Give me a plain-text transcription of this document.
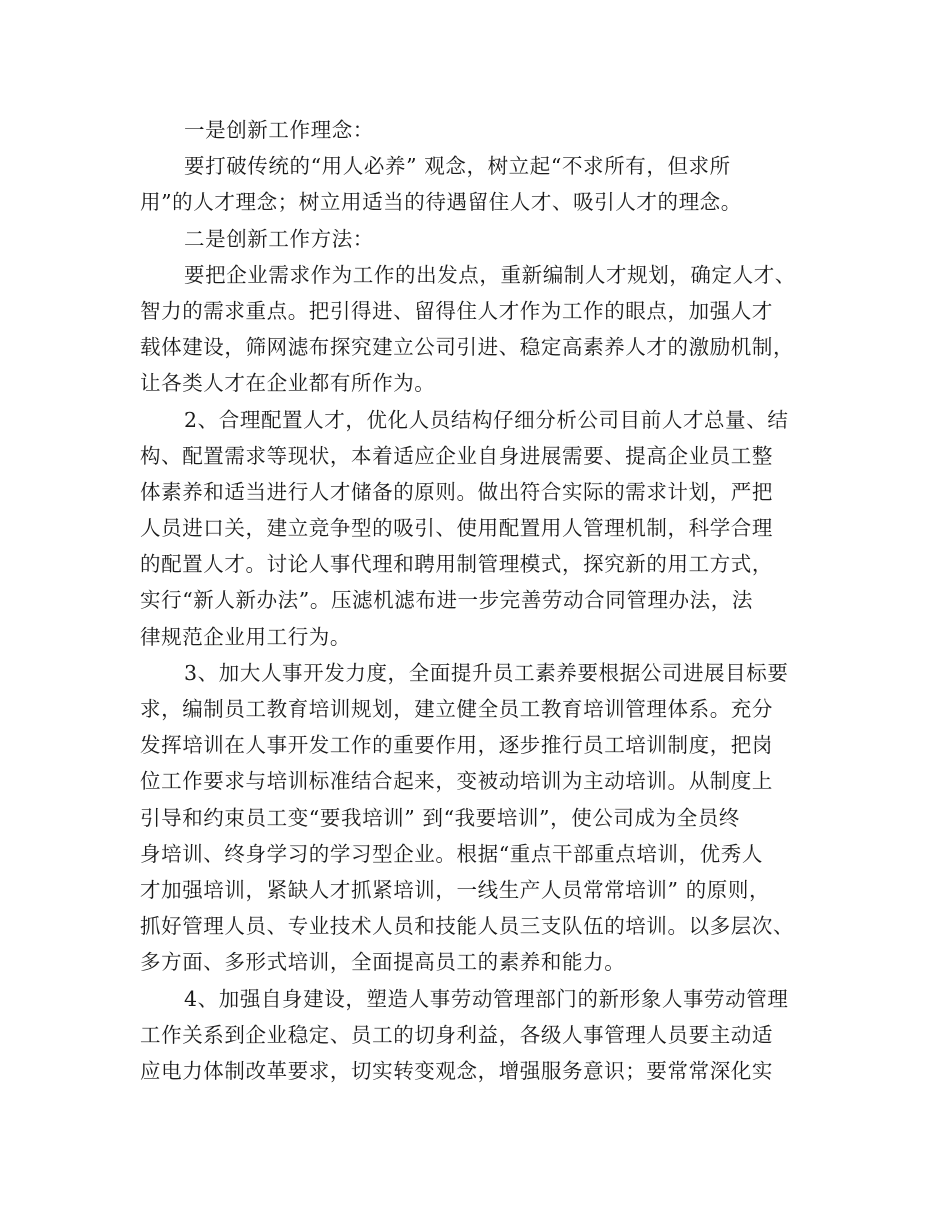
一是创新工作理念：
要打破传统的“用人必养” 观念，树立起“不求所有，但求所
用”的人才理念；树立用适当的待遇留住人才、吸引人才的理念。
二是创新工作方法：
要把企业需求作为工作的出发点，重新编制人才规划，确定人才、
智力的需求重点。把引得进、留得住人才作为工作的眼点，加强人才
载体建设，筛网滤布探究建立公司引进、稳定高素养人才的激励机制，
让各类人才在企业都有所作为。
2、合理配置人才，优化人员结构仔细分析公司目前人才总量、结
构、配置需求等现状，本着适应企业自身进展需要、提高企业员工整
体素养和适当进行人才储备的原则。做出符合实际的需求计划，严把
人员进口关，建立竞争型的吸引、使用配置用人管理机制，科学合理
的配置人才。讨论人事代理和聘用制管理模式，探究新的用工方式，
实行“新人新办法”。压滤机滤布进一步完善劳动合同管理办法，法
律规范企业用工行为。
3、加大人事开发力度，全面提升员工素养要根据公司进展目标要
求，编制员工教育培训规划，建立健全员工教育培训管理体系。充分
发挥培训在人事开发工作的重要作用，逐步推行员工培训制度，把岗
位工作要求与培训标准结合起来，变被动培训为主动培训。从制度上
引导和约束员工变“要我培训” 到“我要培训”，使公司成为全员终
身培训、终身学习的学习型企业。根据“重点干部重点培训，优秀人
才加强培训，紧缺人才抓紧培训，一线生产人员常常培训” 的原则，
抓好管理人员、专业技术人员和技能人员三支队伍的培训。以多层次、
多方面、多形式培训，全面提高员工的素养和能力。
4、加强自身建设，塑造人事劳动管理部门的新形象人事劳动管理
工作关系到企业稳定、员工的切身利益，各级人事管理人员要主动适
应电力体制改革要求，切实转变观念，增强服务意识；要常常深化实
